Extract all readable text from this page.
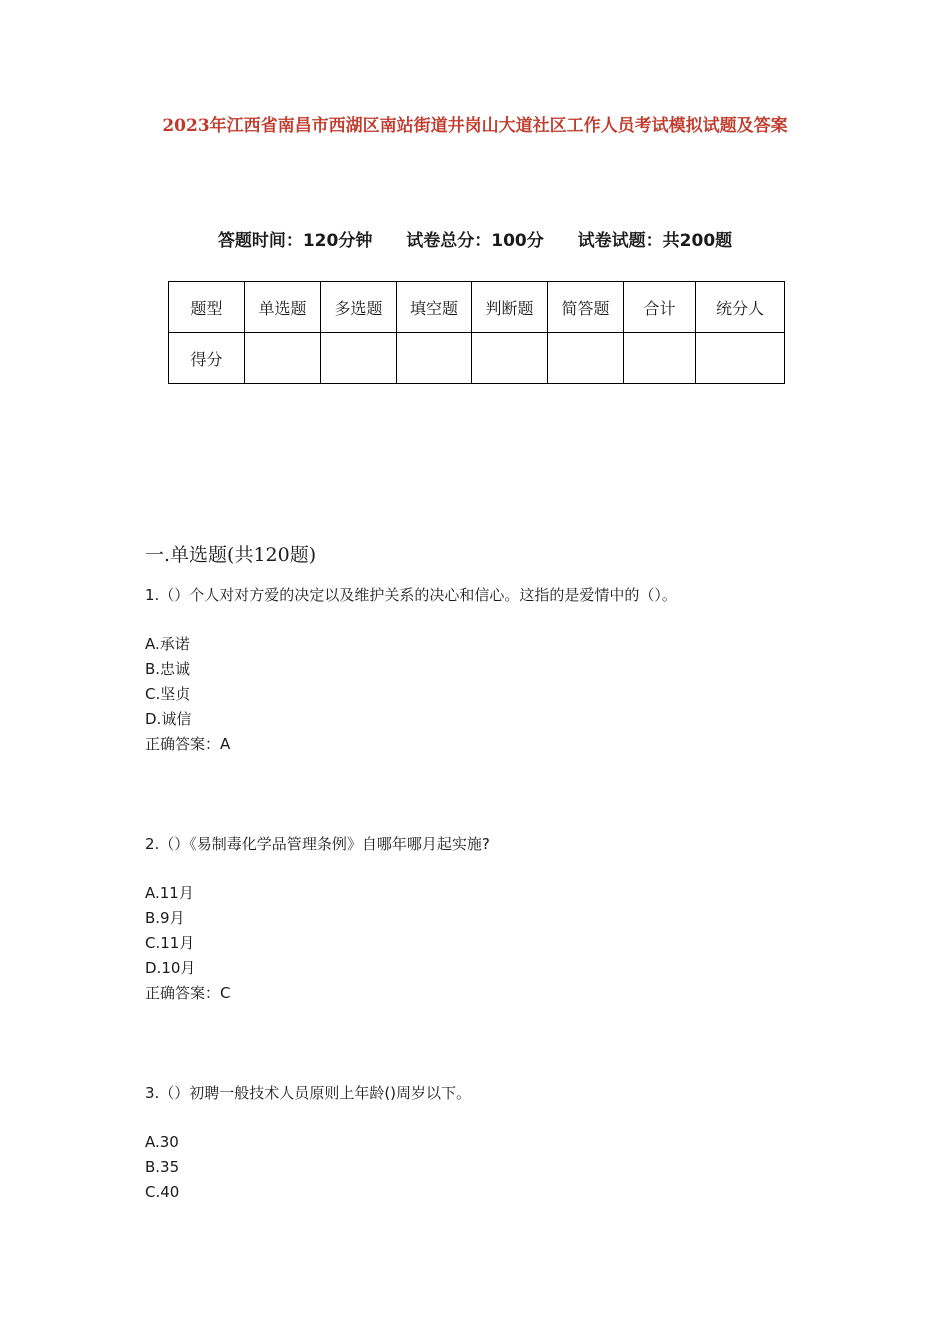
2023年江西省南昌市西湖区南站街道井岗山大道社区工作人员考试模拟试题及答案
答题时间：120分钟 试卷总分：100分 试卷试题：共200题
题型	单选题	多选题	填空题	判断题	简答题	合计	统分人
得分							
一.单选题(共120题)
1.（）个人对对方爱的决定以及维护关系的决心和信心。这指的是爱情中的（）。
A.承诺
B.忠诚
C.坚贞
D.诚信
正确答案：A
2.（）《易制毒化学品管理条例》自哪年哪月起实施?
A.11月
B.9月
C.11月
D.10月
正确答案：C
3.（）初聘一般技术人员原则上年龄()周岁以下。
A.30
B.35
C.40
